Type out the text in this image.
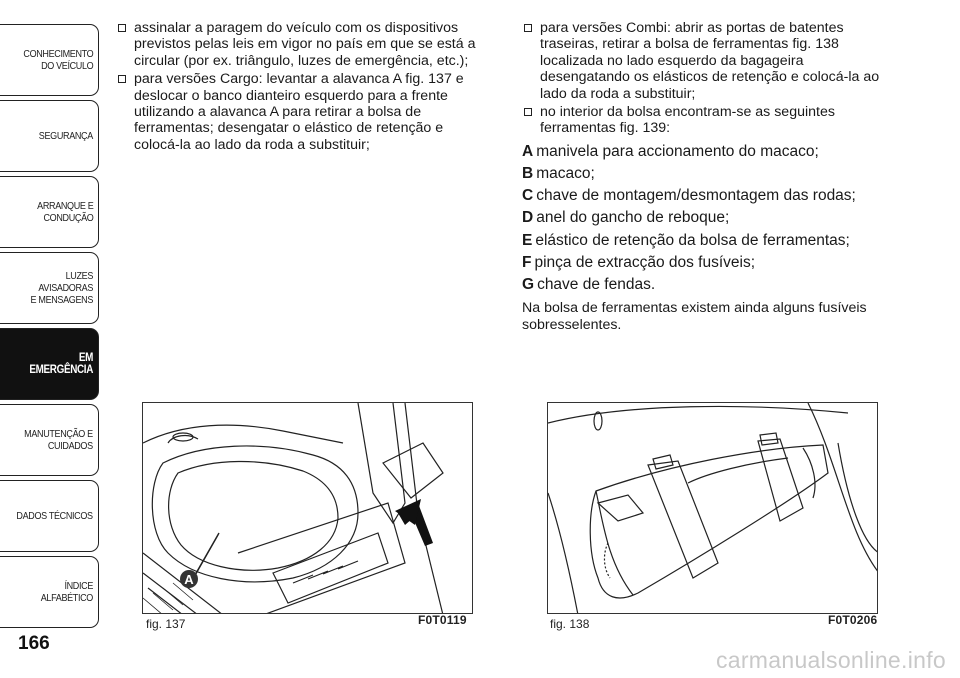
CONHECIMENTO
DO VEÍCULO
SEGURANÇA
ARRANQUE E
CONDUÇÃO
LUZES AVISADORAS
E MENSAGENS
EM EMERGÊNCIA
MANUTENÇÃO E
CUIDADOS
DADOS TÉCNICOS
ÍNDICE ALFABÉTICO
166
assinalar a paragem do veículo com os dispositivos previstos pelas leis em vigor no país em que se está a circular (por ex. triângulo, luzes de emergência, etc.);
para versões Cargo: levantar a alavanca A fig. 137 e deslocar o banco dianteiro esquerdo para a frente utilizando a alavanca A para retirar a bolsa de ferramentas; desengatar o elástico de retenção e colocá-la ao lado da roda a substituir;
para versões Combi: abrir as portas de batentes traseiras, retirar a bolsa de ferramentas fig. 138 localizada no lado esquerdo da bagageira desengatando os elásticos de retenção e colocá-la ao lado da roda a substituir;
no interior da bolsa encontram-se as seguintes ferramentas fig. 139:
A manivela para accionamento do macaco;
B macaco;
C chave de montagem/desmontagem das rodas;
D anel do gancho de reboque;
E elástico de retenção da bolsa de ferramentas;
F pinça de extracção dos fusíveis;
G chave de fendas.
Na bolsa de ferramentas existem ainda alguns fusíveis sobresselentes.
A
fig. 137	F0T0119	fig. 138	F0T0206
carmanualsonline.info
